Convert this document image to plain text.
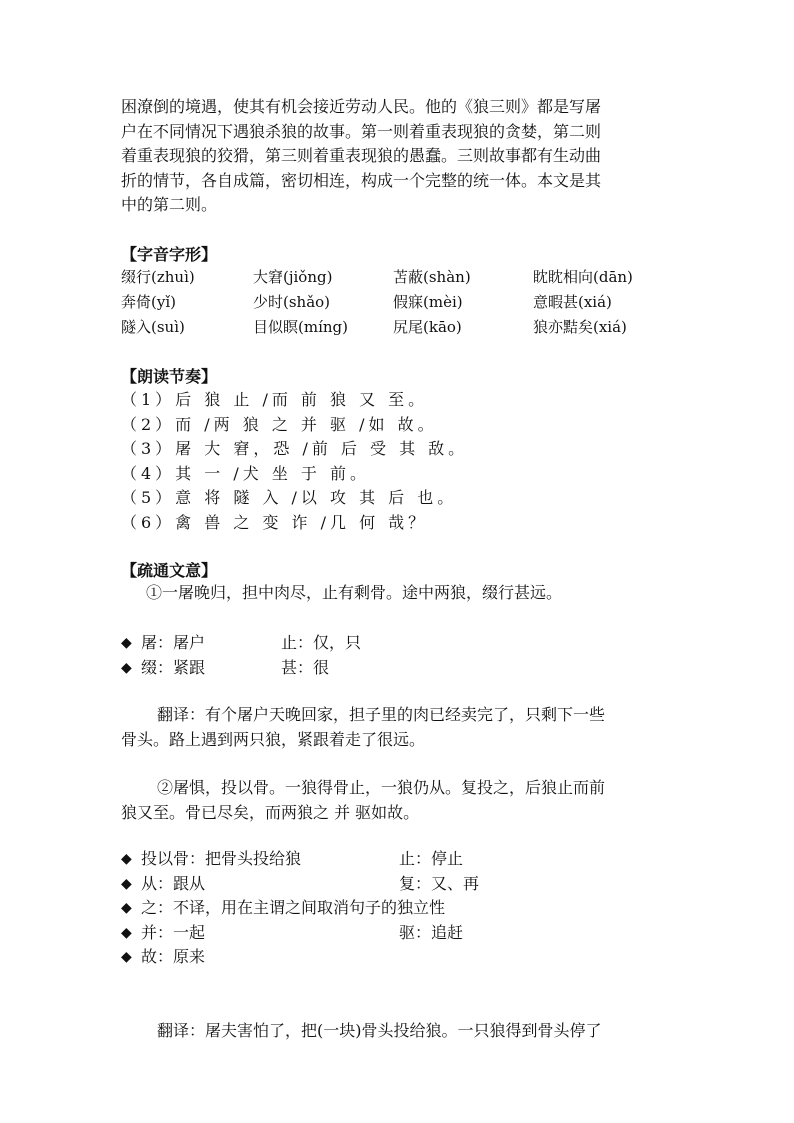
困潦倒的境遇，使其有机会接近劳动人民。他的《狼三则》都是写屠

户在不同情况下遇狼杀狼的故事。第一则着重表现狼的贪婪，第二则

着重表现狼的狡猾，第三则着重表现狼的愚蠢。三则故事都有生动曲

折的情节，各自成篇，密切相连，构成一个完整的统一体。本文是其

中的第二则。

【字音字形】
缀行(zhuì)	大窘(jiǒng)	苫蔽(shàn)	眈眈相向(dān)
奔倚(yǐ)	少时(shǎo)	假寐(mèi)	意暇甚(xiá)
隧入(suì)	目似瞑(míng)	尻尾(kāo)	狼亦黠矣(xiá)
【朗读节奏】
（1）后 狼 止 /而 前 狼 又 至。
（2）而 /两 狼 之 并 驱 /如 故。
（3）屠 大 窘，恐 /前 后 受 其 敌。
（4）其 一 /犬 坐 于 前。
（5）意 将 隧 入 /以 攻 其 后 也。
（6）禽 兽 之 变 诈 /几 何 哉？
【疏通文意】
①一屠晚归，担中肉尽，止有剩骨。途中两狼，缀行甚远。
◆ 屠：屠户	止：仅，只
◆ 缀：紧跟	甚：很
翻译：有个屠户天晚回家，担子里的肉已经卖完了，只剩下一些
骨头。路上遇到两只狼，紧跟着走了很远。
②屠惧，投以骨。一狼得骨止，一狼仍从。复投之，后狼止而前
狼又至。骨已尽矣，而两狼之 并 驱如故。
◆ 投以骨：把骨头投给狼	止：停止
◆ 从：跟从	复：又、再
◆ 之：不译，用在主谓之间取消句子的独立性
◆ 并：一起	驱：追赶
◆ 故：原来
翻译：屠夫害怕了，把(一块)骨头投给狼。一只狼得到骨头停了
